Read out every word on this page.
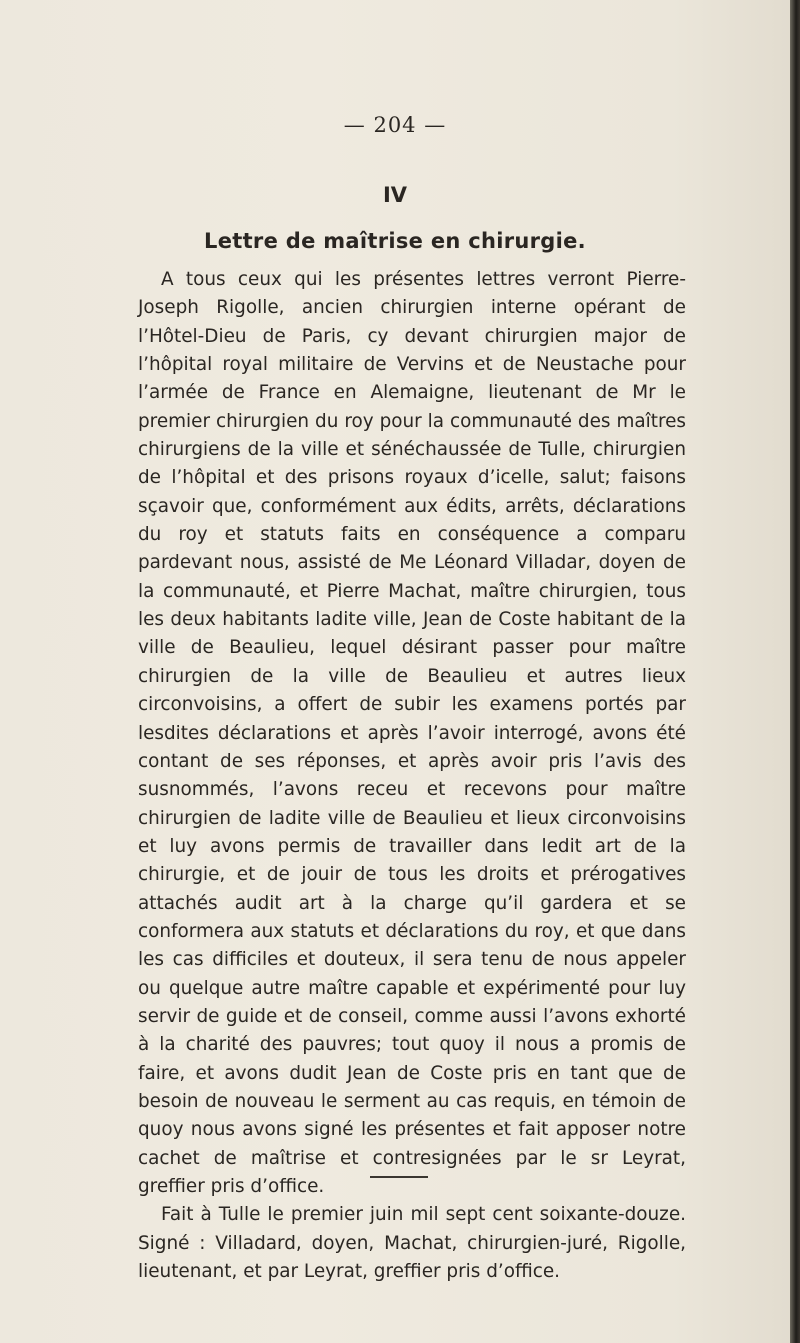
— 204 —
IV
Lettre de maîtrise en chirurgie.

A tous ceux qui les présentes lettres verront Pierre-Joseph Rigolle, ancien chirurgien interne opérant de l’Hôtel-Dieu de Paris, cy devant chirurgien major de l’hôpital royal militaire de Vervins et de Neustache pour l’armée de France en Alemaigne, lieutenant de Mr le premier chirurgien du roy pour la communauté des maîtres chirurgiens de la ville et sénéchaussée de Tulle, chirurgien de l’hôpital et des prisons royaux d’icelle, salut; faisons sçavoir que, conformément aux édits, arrêts, déclarations du roy et statuts faits en conséquence a comparu pardevant nous, assisté de Me Léonard Villadar, doyen de la communauté, et Pierre Machat, maître chirurgien, tous les deux habitants ladite ville, Jean de Coste habitant de la ville de Beaulieu, lequel désirant passer pour maître chirurgien de la ville de Beaulieu et autres lieux circonvoisins, a offert de subir les examens portés par lesdites déclarations et après l’avoir interrogé, avons été contant de ses réponses, et après avoir pris l’avis des susnommés, l’avons receu et recevons pour maître chirurgien de ladite ville de Beaulieu et lieux circonvoisins et luy avons permis de travailler dans ledit art de la chirurgie, et de jouir de tous les droits et prérogatives attachés audit art à la charge qu’il gardera et se conformera aux statuts et déclarations du roy, et que dans les cas difficiles et douteux, il sera tenu de nous appeler ou quelque autre maître capable et expérimenté pour luy servir de guide et de conseil, comme aussi l’avons exhorté à la charité des pauvres; tout quoy il nous a promis de faire, et avons dudit Jean de Coste pris en tant que de besoin de nouveau le serment au cas requis, en témoin de quoy nous avons signé les présentes et fait apposer notre cachet de maîtrise et contresignées par le sr Leyrat, greffier pris d’office.

Fait à Tulle le premier juin mil sept cent soixante-douze. Signé : Villadard, doyen, Machat, chirurgien-juré, Rigolle, lieutenant, et par Leyrat, greffier pris d’office.
